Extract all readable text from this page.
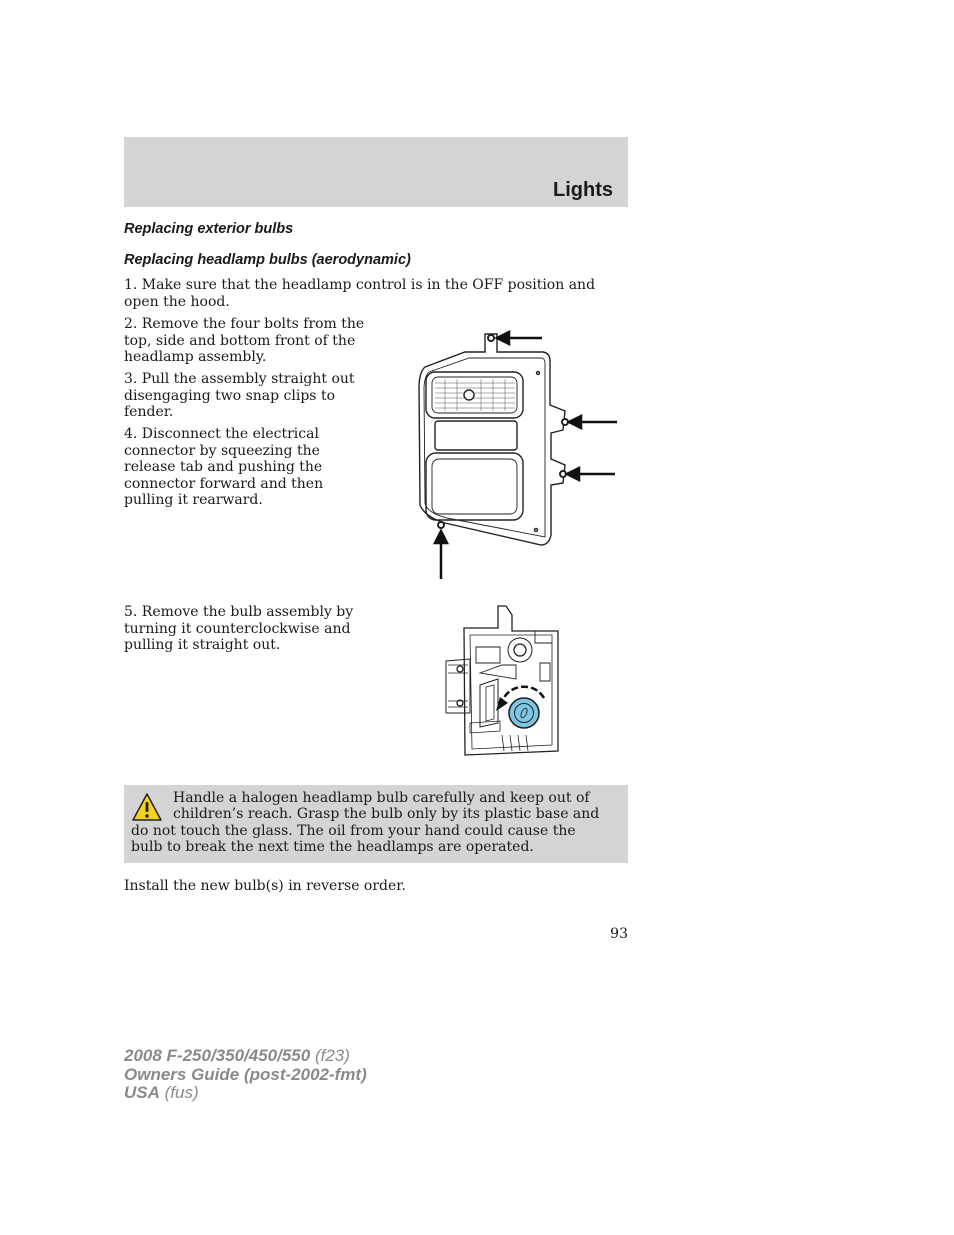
Lights
Replacing exterior bulbs
Replacing headlamp bulbs (aerodynamic)
1. Make sure that the headlamp control is in the OFF position and open the hood.
2. Remove the four bolts from the top, side and bottom front of the headlamp assembly.
3. Pull the assembly straight out disengaging two snap clips to fender.
4. Disconnect the electrical connector by squeezing the release tab and pushing the connector forward and then pulling it rearward.
5. Remove the bulb assembly by turning it counterclockwise and pulling it straight out.
Handle a halogen headlamp bulb carefully and keep out of children’s reach. Grasp the bulb only by its plastic base and do not touch the glass. The oil from your hand could cause the bulb to break the next time the headlamps are operated.
Install the new bulb(s) in reverse order.
93
2008 F-250/350/450/550 (f23)
Owners Guide (post-2002-fmt)
USA (fus)
